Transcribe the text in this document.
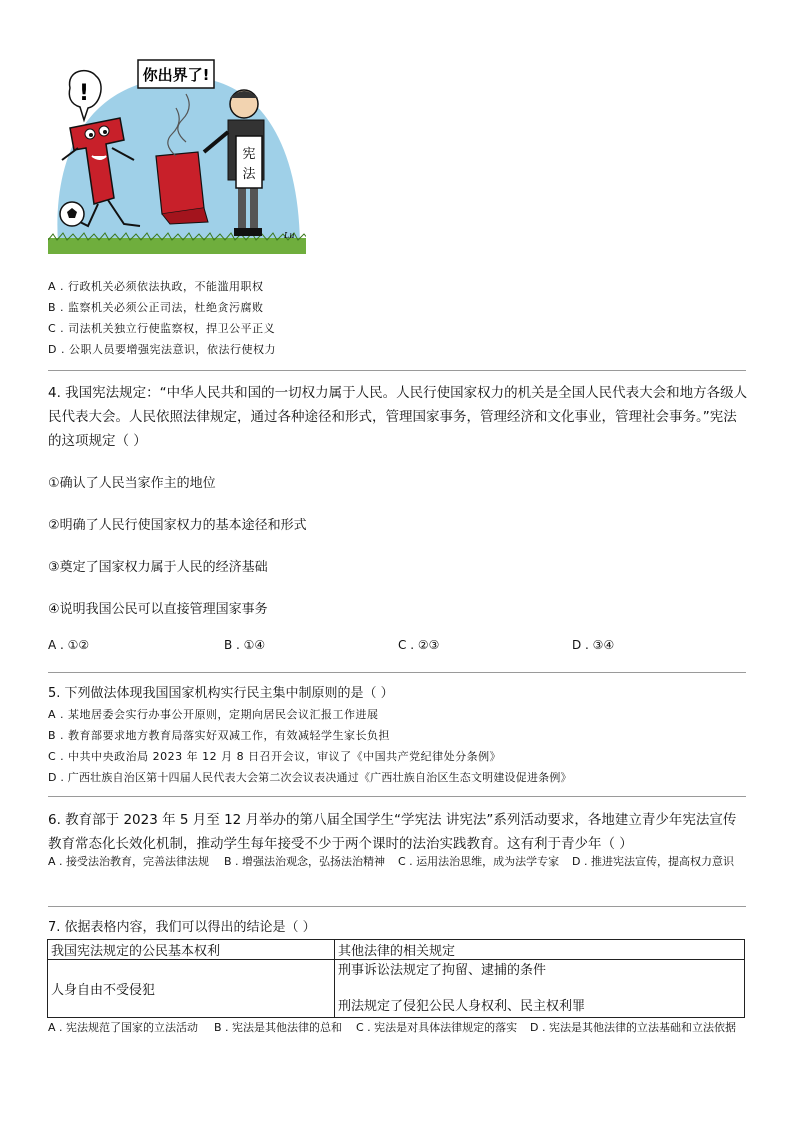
!
你出界了!
宪
法
Lu
A . 行政机关必须依法执政，不能滥用职权
B . 监察机关必须公正司法，杜绝贪污腐败
C . 司法机关独立行使监察权，捍卫公平正义
D . 公职人员要增强宪法意识，依法行使权力
4. 我国宪法规定：“中华人民共和国的一切权力属于人民。人民行使国家权力的机关是全国人民代表大会和地方各级人民代表大会。人民依照法律规定，通过各种途径和形式，管理国家事务，管理经济和文化事业，管理社会事务。”宪法的这项规定（ ）
①确认了人民当家作主的地位
②明确了人民行使国家权力的基本途径和形式
③奠定了国家权力属于人民的经济基础
④说明我国公民可以直接管理国家事务
A . ①②	B . ①④	C . ②③	D . ③④
5. 下列做法体现我国国家机构实行民主集中制原则的是（ ）
A . 某地居委会实行办事公开原则，定期向居民会议汇报工作进展
B . 教育部要求地方教育局落实好双减工作，有效减轻学生家长负担
C . 中共中央政治局 2023 年 12 月 8 日召开会议，审议了《中国共产党纪律处分条例》
D . 广西壮族自治区第十四届人民代表大会第二次会议表决通过《广西壮族自治区生态文明建设促进条例》
6. 教育部于 2023 年 5 月至 12 月举办的第八届全国学生“学宪法 讲宪法”系列活动要求，各地建立青少年宪法宣传教育常态化长效化机制，推动学生每年接受不少于两个课时的法治实践教育。这有利于青少年（ ）
A . 接受法治教育，完善法律法规	B . 增强法治观念，弘扬法治精神	C . 运用法治思维，成为法学专家	D . 推进宪法宣传，提高权力意识
7. 依据表格内容，我们可以得出的结论是（ ）
我国宪法规定的公民基本权利	其他法律的相关规定
人身自由不受侵犯	刑事诉讼法规定了拘留、逮捕的条件
刑法规定了侵犯公民人身权利、民主权利罪
A . 宪法规范了国家的立法活动	B . 宪法是其他法律的总和	C . 宪法是对具体法律规定的落实	D . 宪法是其他法律的立法基础和立法依据
